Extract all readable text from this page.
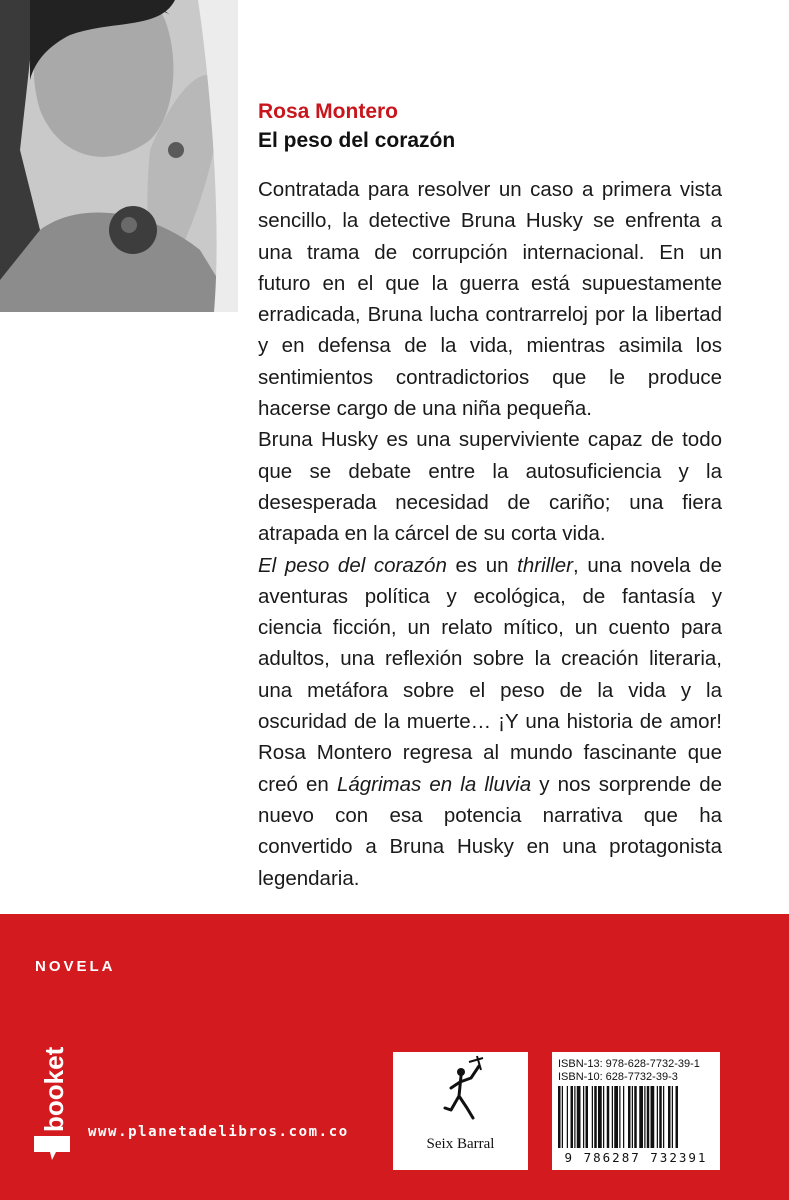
Rosa Montero

El peso del corazón

Contratada para resolver un caso a primera vista sencillo, la detective Bruna Husky se enfrenta a una trama de corrupción internacional. En un futuro en el que la guerra está supuestamente erradicada, Bruna lucha contrarreloj por la libertad y en defensa de la vida, mientras asimila los sentimientos contradictorios que le produce hacerse cargo de una niña pequeña.

Bruna Husky es una superviviente capaz de todo que se debate entre la autosuficiencia y la desesperada necesidad de cariño; una fiera atrapada en la cárcel de su corta vida.

El peso del corazón es un thriller, una novela de aventuras política y ecológica, de fantasía y ciencia ficción, un relato mítico, un cuento para adultos, una reflexión sobre la creación literaria, una metáfora sobre el peso de la vida y la oscuridad de la muerte… ¡Y una historia de amor! Rosa Montero regresa al mundo fascinante que creó en Lágrimas en la lluvia y nos sorprende de nuevo con esa potencia narrativa que ha convertido a Bruna Husky en una protagonista legendaria.

NOVELA

booket www.planetadelibros.com.co

Seix Barral

ISBN-13: 978-628-7732-39-1

ISBN-10: 628-7732-39-3

9 786287 732391
